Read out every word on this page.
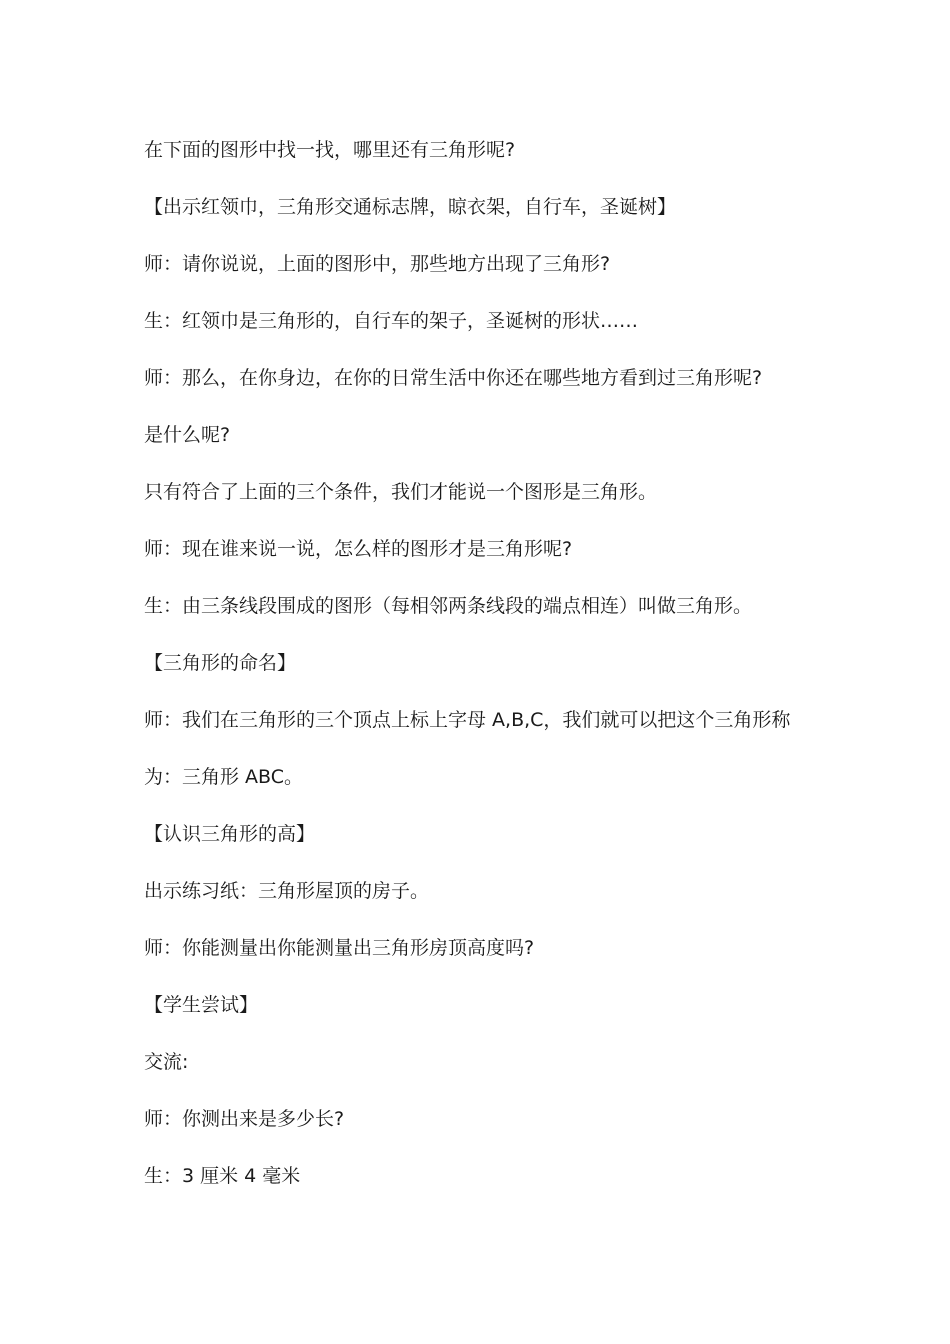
在下面的图形中找一找，哪里还有三角形呢?

【出示红领巾，三角形交通标志牌，晾衣架，自行车，圣诞树】

师：请你说说，上面的图形中，那些地方出现了三角形?

生：红领巾是三角形的，自行车的架子，圣诞树的形状……

师：那么，在你身边，在你的日常生活中你还在哪些地方看到过三角形呢?

是什么呢?

只有符合了上面的三个条件，我们才能说一个图形是三角形。

师：现在谁来说一说，怎么样的图形才是三角形呢?

生：由三条线段围成的图形（每相邻两条线段的端点相连）叫做三角形。

【三角形的命名】

师：我们在三角形的三个顶点上标上字母 A,B,C，我们就可以把这个三角形称

为：三角形 ABC。

【认识三角形的高】

出示练习纸：三角形屋顶的房子。

师：你能测量出你能测量出三角形房顶高度吗?

【学生尝试】

交流:

师：你测出来是多少长?

生：3 厘米 4 毫米
